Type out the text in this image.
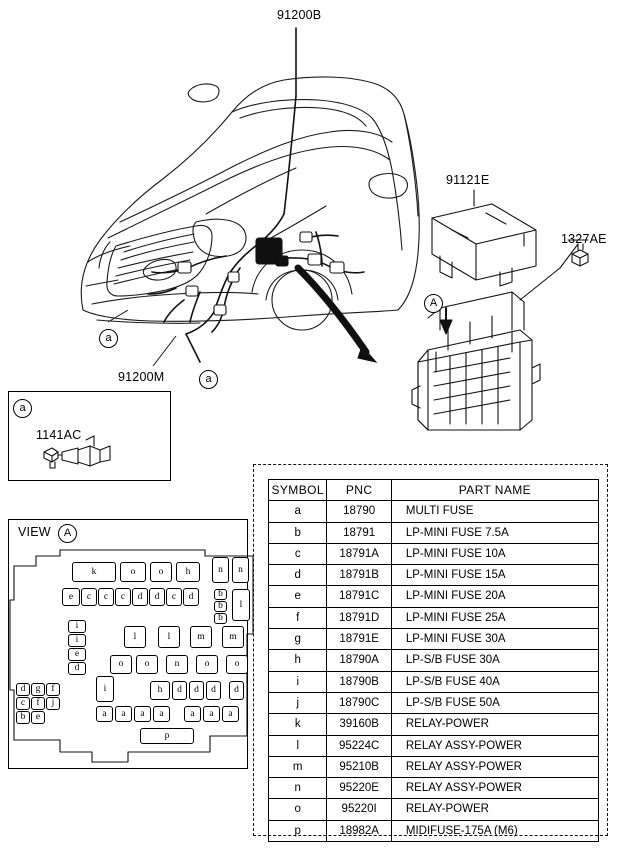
91200B
91121E
1327AE
91200M
1141AC
a
a
A
a
VIEW	A
k	o	o	h	n	n
e	c	c	c	d	d	c	d	b
b
b
l
i
i	l	l	m	m
e
d	o	o	n	o	o
d	g	f
c	f	j
b	e
i	h	d	d	d	d
a	a	a	a	a	a	a
p
SYMBOL	PNC	PART NAME
a	18790	MULTI FUSE
b	18791	LP-MINI FUSE 7.5A
c	18791A	LP-MINI FUSE 10A
d	18791B	LP-MINI FUSE 15A
e	18791C	LP-MINI FUSE 20A
f	18791D	LP-MINI FUSE 25A
g	18791E	LP-MINI FUSE 30A
h	18790A	LP-S/B FUSE 30A
i	18790B	LP-S/B FUSE 40A
j	18790C	LP-S/B FUSE 50A
k	39160B	RELAY-POWER
l	95224C	RELAY ASSY-POWER
m	95210B	RELAY ASSY-POWER
n	95220E	RELAY ASSY-POWER
o	95220I	RELAY-POWER
p	18982A	MIDIFUSE-175A (M6)
